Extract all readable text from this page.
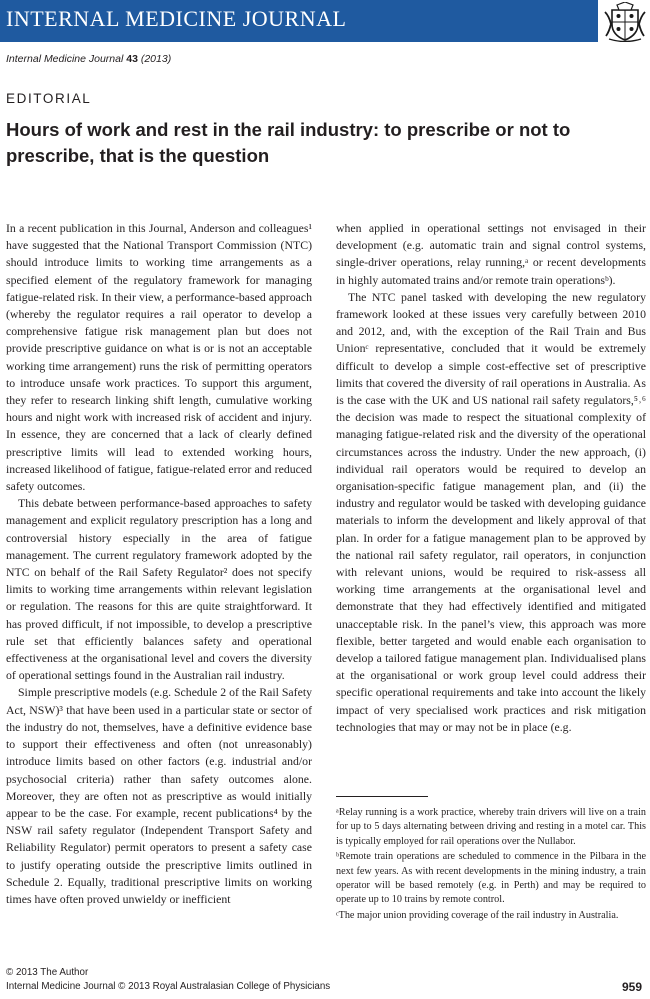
INTERNAL MEDICINE JOURNAL
Internal Medicine Journal 43 (2013)
EDITORIAL
Hours of work and rest in the rail industry: to prescribe or not to prescribe, that is the question

In a recent publication in this Journal, Anderson and colleagues¹ have suggested that the National Transport Commission (NTC) should introduce limits to working time arrangements as a specified element of the regulatory framework for managing fatigue-related risk. In their view, a performance-based approach (whereby the regulator requires a rail operator to develop a comprehensive fatigue risk management plan but does not provide prescriptive guidance on what is or is not an acceptable working time arrangement) runs the risk of permitting operators to introduce unsafe work practices. To support this argument, they refer to research linking shift length, cumulative working hours and night work with increased risk of accident and injury. In essence, they are concerned that a lack of clearly defined prescriptive limits will lead to extended working hours, increased likelihood of fatigue, fatigue-related error and reduced safety outcomes.

This debate between performance-based approaches to safety management and explicit regulatory prescription has a long and controversial history especially in the area of fatigue management. The current regulatory framework adopted by the NTC on behalf of the Rail Safety Regulator² does not specify limits to working time arrangements within relevant legislation or regulation. The reasons for this are quite straightforward. It has proved difficult, if not impossible, to develop a prescriptive rule set that efficiently balances safety and operational effectiveness at the organisational level and covers the diversity of operational settings found in the Australian rail industry.

Simple prescriptive models (e.g. Schedule 2 of the Rail Safety Act, NSW)³ that have been used in a particular state or sector of the industry do not, themselves, have a definitive evidence base to support their effectiveness and often (not unreasonably) introduce limits based on other factors (e.g. industrial and/or psychosocial criteria) rather than safety outcomes alone. Moreover, they are often not as prescriptive as would initially appear to be the case. For example, recent publications⁴ by the NSW rail safety regulator (Independent Transport Safety and Reliability Regulator) permit operators to present a safety case to justify operating outside the prescriptive limits outlined in Schedule 2. Equally, traditional prescriptive limits on working times have often proved unwieldy or inefficient

when applied in operational settings not envisaged in their development (e.g. automatic train and signal control systems, single-driver operations, relay running,ᵃ or recent developments in highly automated trains and/or remote train operationsᵇ).

The NTC panel tasked with developing the new regulatory framework looked at these issues very carefully between 2010 and 2012, and, with the exception of the Rail Train and Bus Unionᶜ representative, concluded that it would be extremely difficult to develop a simple cost-effective set of prescriptive limits that covered the diversity of rail operations in Australia. As is the case with the UK and US national rail safety regulators,⁵˒⁶ the decision was made to respect the situational complexity of managing fatigue-related risk and the diversity of the operational circumstances across the industry. Under the new approach, (i) individual rail operators would be required to develop an organisation-specific fatigue management plan, and (ii) the industry and regulator would be tasked with developing guidance materials to inform the development and likely approval of that plan. In order for a fatigue management plan to be approved by the national rail safety regulator, rail operators, in conjunction with relevant unions, would be required to risk-assess all working time arrangements at the organisational level and demonstrate that they had effectively identified and mitigated unacceptable risk. In the panel’s view, this approach was more flexible, better targeted and would enable each organisation to develop a tailored fatigue management plan. Individualised plans at the organisational or work group level could address their specific operational requirements and take into account the likely impact of very specialised work practices and risk mitigation technologies that may or may not be in place (e.g.

ᵃRelay running is a work practice, whereby train drivers will live on a train for up to 5 days alternating between driving and resting in a motel car. This is typically employed for rail operations over the Nullabor.

ᵇRemote train operations are scheduled to commence in the Pilbara in the next few years. As with recent developments in the mining industry, a train operator will be based remotely (e.g. in Perth) and may be required to operate up to 10 trains by remote control.

ᶜThe major union providing coverage of the rail industry in Australia.

© 2013 The Author
Internal Medicine Journal © 2013 Royal Australasian College of Physicians	959
